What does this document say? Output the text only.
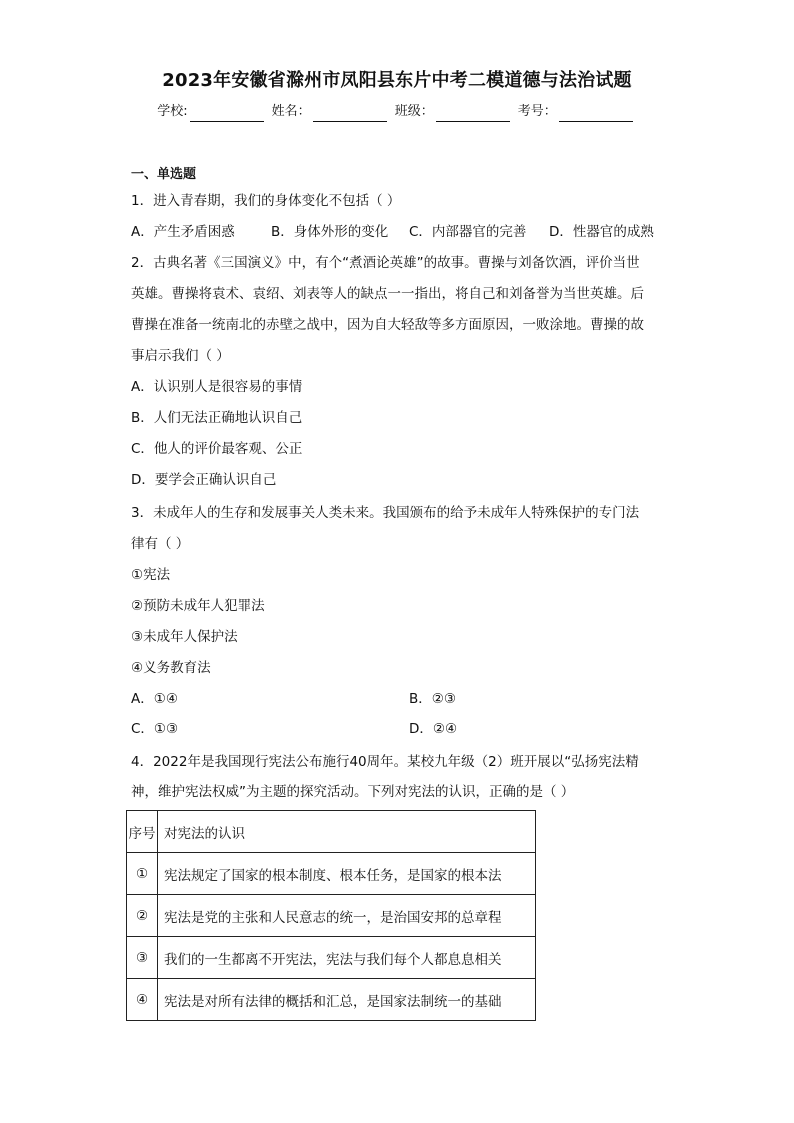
2023年安徽省滁州市凤阳县东片中考二模道德与法治试题
学校:	姓名：	班级：	考号：
一、单选题
1．进入青春期，我们的身体变化不包括（ ）
A．产生矛盾困惑	B．身体外形的变化	C．内部器官的完善	D．性器官的成熟
2．古典名著《三国演义》中，有个“煮酒论英雄”的故事。曹操与刘备饮酒，评价当世
英雄。曹操将袁术、袁绍、刘表等人的缺点一一指出，将自己和刘备誉为当世英雄。后
曹操在准备一统南北的赤壁之战中，因为自大轻敌等多方面原因，一败涂地。曹操的故
事启示我们（ ）
A．认识别人是很容易的事情
B．人们无法正确地认识自己
C．他人的评价最客观、公正
D．要学会正确认识自己
3．未成年人的生存和发展事关人类未来。我国颁布的给予未成年人特殊保护的专门法
律有（ ）
①宪法
②预防未成年人犯罪法
③未成年人保护法
④义务教育法
A．①④	B．②③
C．①③	D．②④
4．2022年是我国现行宪法公布施行40周年。某校九年级（2）班开展以“弘扬宪法精
神，维护宪法权威”为主题的探究活动。下列对宪法的认识，正确的是（ ）
序号	对宪法的认识
①	宪法规定了国家的根本制度、根本任务，是国家的根本法
②	宪法是党的主张和人民意志的统一，是治国安邦的总章程
③	我们的一生都离不开宪法，宪法与我们每个人都息息相关
④	宪法是对所有法律的概括和汇总，是国家法制统一的基础
